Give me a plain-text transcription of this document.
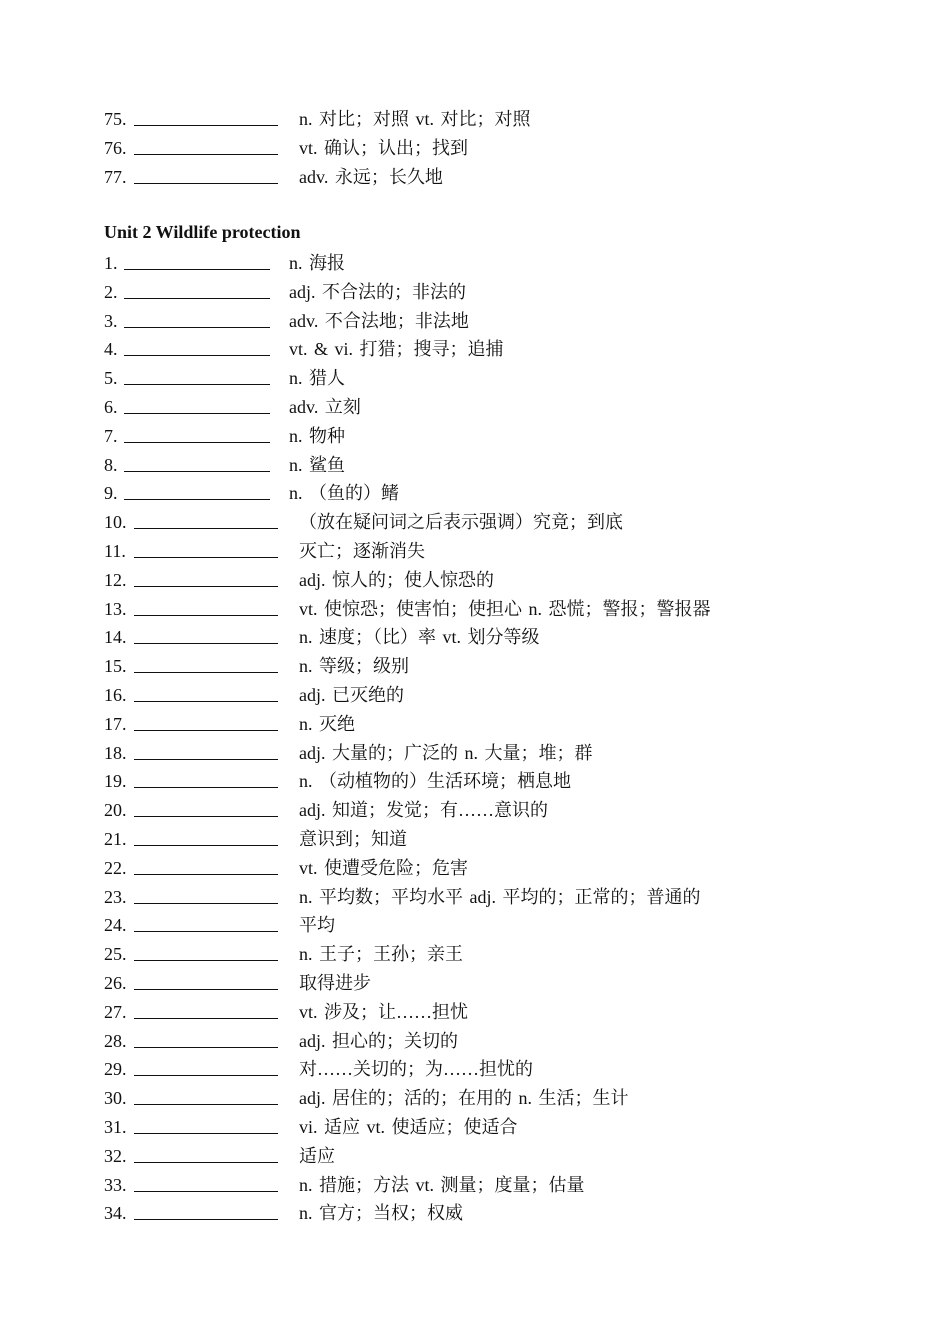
75.	n. 对比；对照 vt. 对比；对照
76.	vt. 确认；认出；找到
77.	adv. 永远；长久地
Unit 2 Wildlife protection
1.	n. 海报
2.	adj. 不合法的；非法的
3.	adv. 不合法地；非法地
4.	vt. & vi. 打猎；搜寻；追捕
5.	n. 猎人
6.	adv. 立刻
7.	n. 物种
8.	n. 鲨鱼
9.	n. （鱼的）鳍
10.	（放在疑问词之后表示强调）究竟；到底
11.	灭亡；逐渐消失
12.	adj. 惊人的；使人惊恐的
13.	vt. 使惊恐；使害怕；使担心 n. 恐慌；警报；警报器
14.	n. 速度；（比）率 vt. 划分等级
15.	n. 等级；级别
16.	adj. 已灭绝的
17.	n. 灭绝
18.	adj. 大量的；广泛的 n. 大量；堆；群
19.	n. （动植物的）生活环境；栖息地
20.	adj. 知道；发觉；有……意识的
21.	意识到；知道
22.	vt. 使遭受危险；危害
23.	n. 平均数；平均水平 adj. 平均的；正常的；普通的
24.	平均
25.	n. 王子；王孙；亲王
26.	取得进步
27.	vt. 涉及；让……担忧
28.	adj. 担心的；关切的
29.	对……关切的；为……担忧的
30.	adj. 居住的；活的；在用的 n. 生活；生计
31.	vi. 适应 vt. 使适应；使适合
32.	适应
33.	n. 措施；方法 vt. 测量；度量；估量
34.	n. 官方；当权；权威
